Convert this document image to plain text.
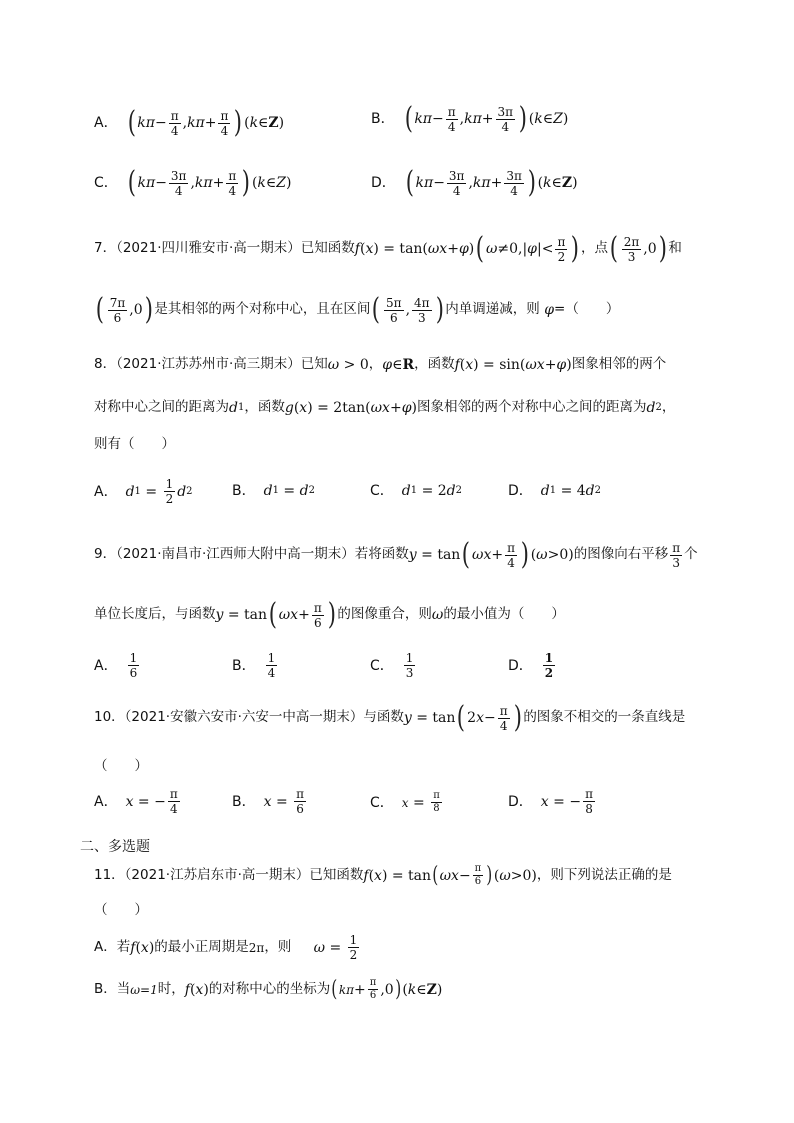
A． ( $k\pi - \frac{\pi}{4}$ , $k\pi + \frac{\pi}{4}$ ) ( k ∈ Z )	B． ( $k\pi - \frac{\pi}{4}$ , $k\pi + \frac{3\pi}{4}$ ) ( k ∈ Z )
C． ( $k\pi - \frac{3\pi}{4}$ , $k\pi + \frac{\pi}{4}$ ) ( k ∈ Z )	D． ( $k\pi - \frac{3\pi}{4}$ , $k\pi + \frac{3\pi}{4}$ ) ( k ∈ Z )
7．（2021·四川雅安市·高一期末）已知函数 f ( x ) = tan( ωx + φ ) ( ω ≠0,| φ |< $\frac{\pi}{2}$ ) ，点 ( $\frac{2\pi}{3} ,0$ ) 和
( $\frac{7\pi}{6} ,0$ ) 是其相邻的两个对称中心，且在区间 ( $\frac{5\pi}{6}$ , $\frac{4\pi}{3}$ ) 内单调递减，则 φ =（　　）
8．（2021·江苏苏州市·高三期末）已知 ω > 0 ， φ ∈ R ，函数 f ( x ) = sin( ωx + φ ) 图象相邻的两个
对称中心之间的距离为 d 1 ，函数 g ( x ) = 2tan( ωx + φ ) 图象相邻的两个对称中心之间的距离为 d 2 ，
则有（　　）
A． d $1 = \frac{1}{2}$ d 2	B． d 1 = d 2	C． d 1 = 2 d 2	D． d 1 = 4 d 2
9．（2021·南昌市·江西师大附中高一期末）若将函数 y = tan ( $\omega x + \frac{\pi}{4}$ ) ( ω >0) 的图像向右平移 $\frac{\pi}{3}$ 个
单位长度后，与函数 y = tan ( $\omega x + \frac{\pi}{6}$ ) 的图像重合，则 ω 的最小值为（　　）
A． $\frac{1}{6}$	B． $\frac{1}{4}$	C． $\frac{1}{3}$	D． $\frac{1}{2}$
10．（2021·安徽六安市·六安一中高一期末）与函数 y = tan ( 2 $x - \frac{\pi}{4}$ ) 的图象不相交的一条直线是
（　　）
A． x = − $\frac{\pi}{4}$	B． $x = \frac{\pi}{6}$	C． $x = \frac{\pi}{8}$	D． x = − $\frac{\pi}{8}$
二、多选题
11．（2021·江苏启东市·高一期末）已知函数 f ( x ) = tan ( $\omega x - \frac{\pi}{6}$ ) ( ω >0) ，则下列说法正确的是
（　　）
A．若 f ( x ) 的最小正周期是 2π ，则
$\omega = \frac{1}{2}$
B．当 ω=1 时， f ( x ) 的对称中心的坐标为 ( $k\pi + \frac{\pi}{6} ,0$ ) ( k ∈ Z )
